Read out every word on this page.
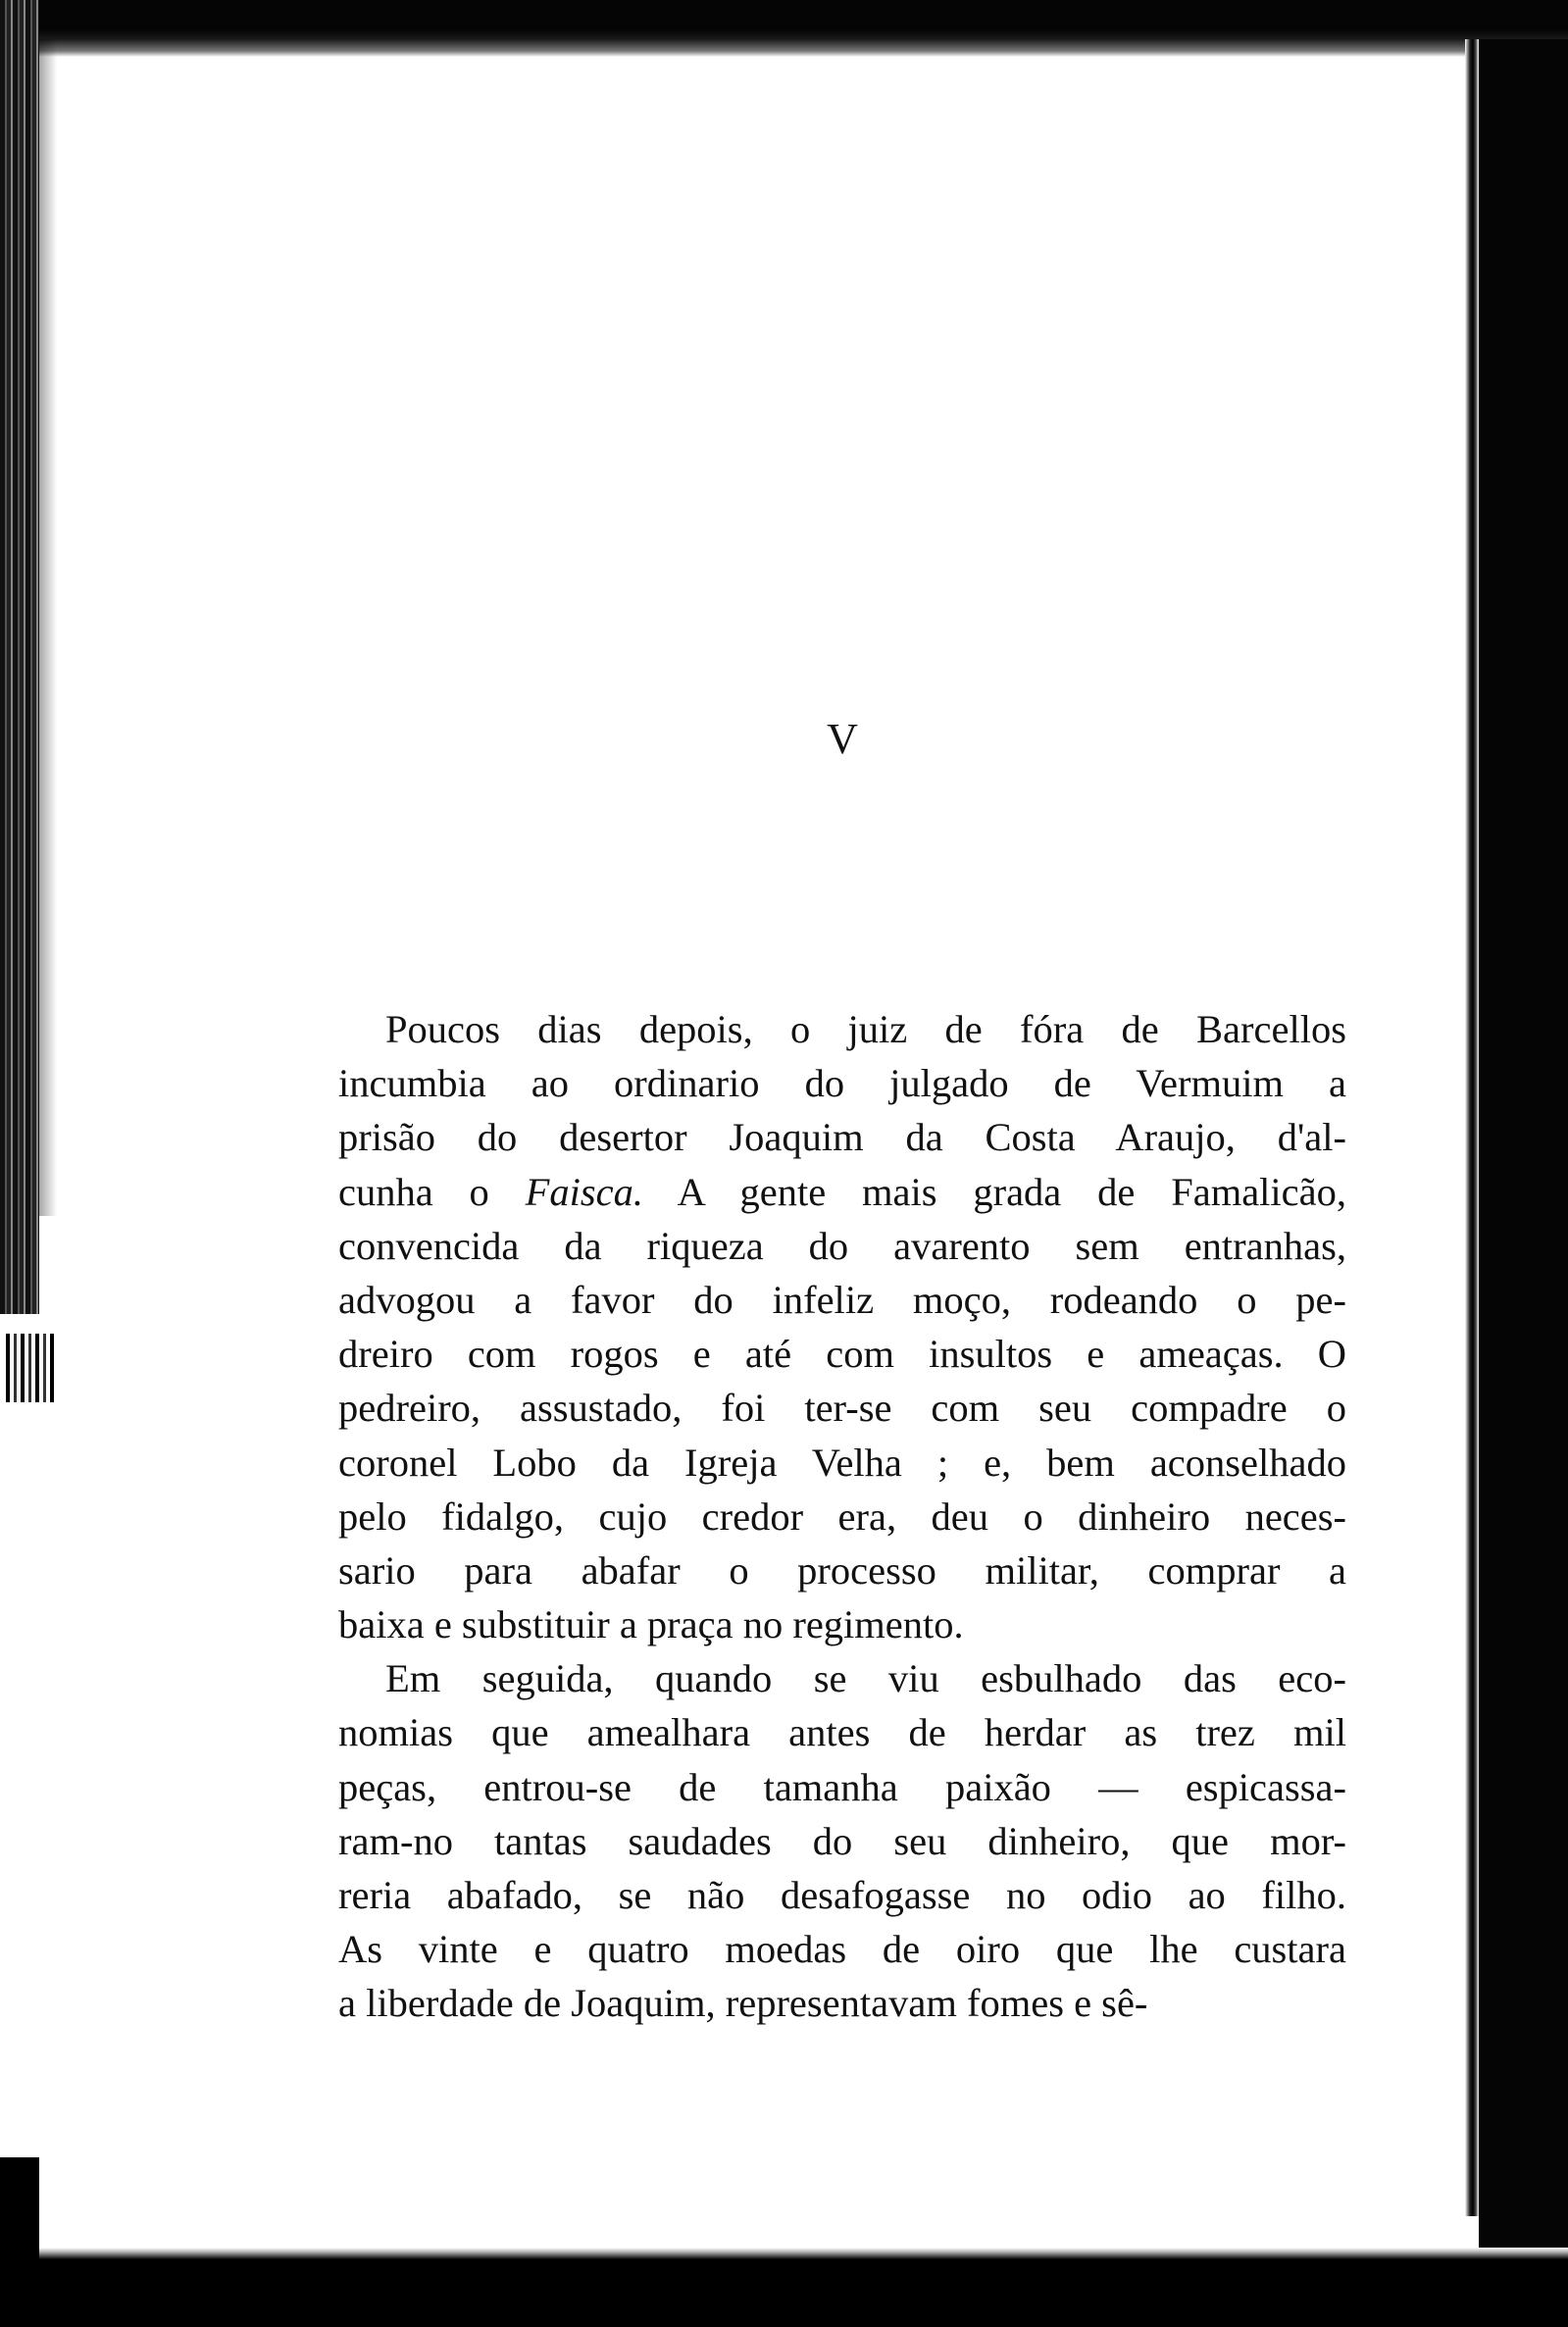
V

Poucos dias depois, o juiz de fóra de Barcellos
incumbia ao ordinario do julgado de Vermuim a
prisão do desertor Joaquim da Costa Araujo, d'al-
cunha o Faisca. A gente mais grada de Famalicão,
convencida da riqueza do avarento sem entranhas,
advogou a favor do infeliz moço, rodeando o pe-
dreiro com rogos e até com insultos e ameaças. O
pedreiro, assustado, foi ter-se com seu compadre o
coronel Lobo da Igreja Velha ; e, bem aconselhado
pelo fidalgo, cujo credor era, deu o dinheiro neces-
sario para abafar o processo militar, comprar a
baixa e substituir a praça no regimento.

Em seguida, quando se viu esbulhado das eco-
nomias que amealhara antes de herdar as trez mil
peças, entrou-se de tamanha paixão — espicassa-
ram-no tantas saudades do seu dinheiro, que mor-
reria abafado, se não desafogasse no odio ao filho.
As vinte e quatro moedas de oiro que lhe custara
a liberdade de Joaquim, representavam fomes e sê-
